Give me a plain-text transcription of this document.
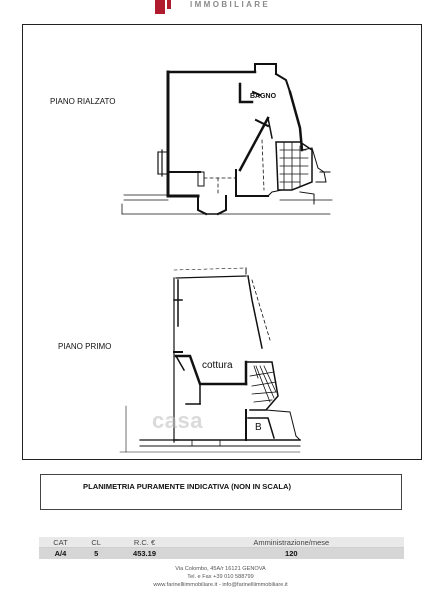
IMMOBILIARE
PIANO RIALZATO
BAGNO
PIANO PRIMO
cottura
B
casa
PLANIMETRIA PURAMENTE INDICATIVA (NON IN SCALA)
CAT	CL	R.C. €	Amministrazione/mese
A/4	5	453.19	120
Via Colombo, 45A/r 16121 GENOVA
Tel. e Fax +39 010 588799
www.farinelliimmobiliare.it - info@farinelliimmobiliare.it
